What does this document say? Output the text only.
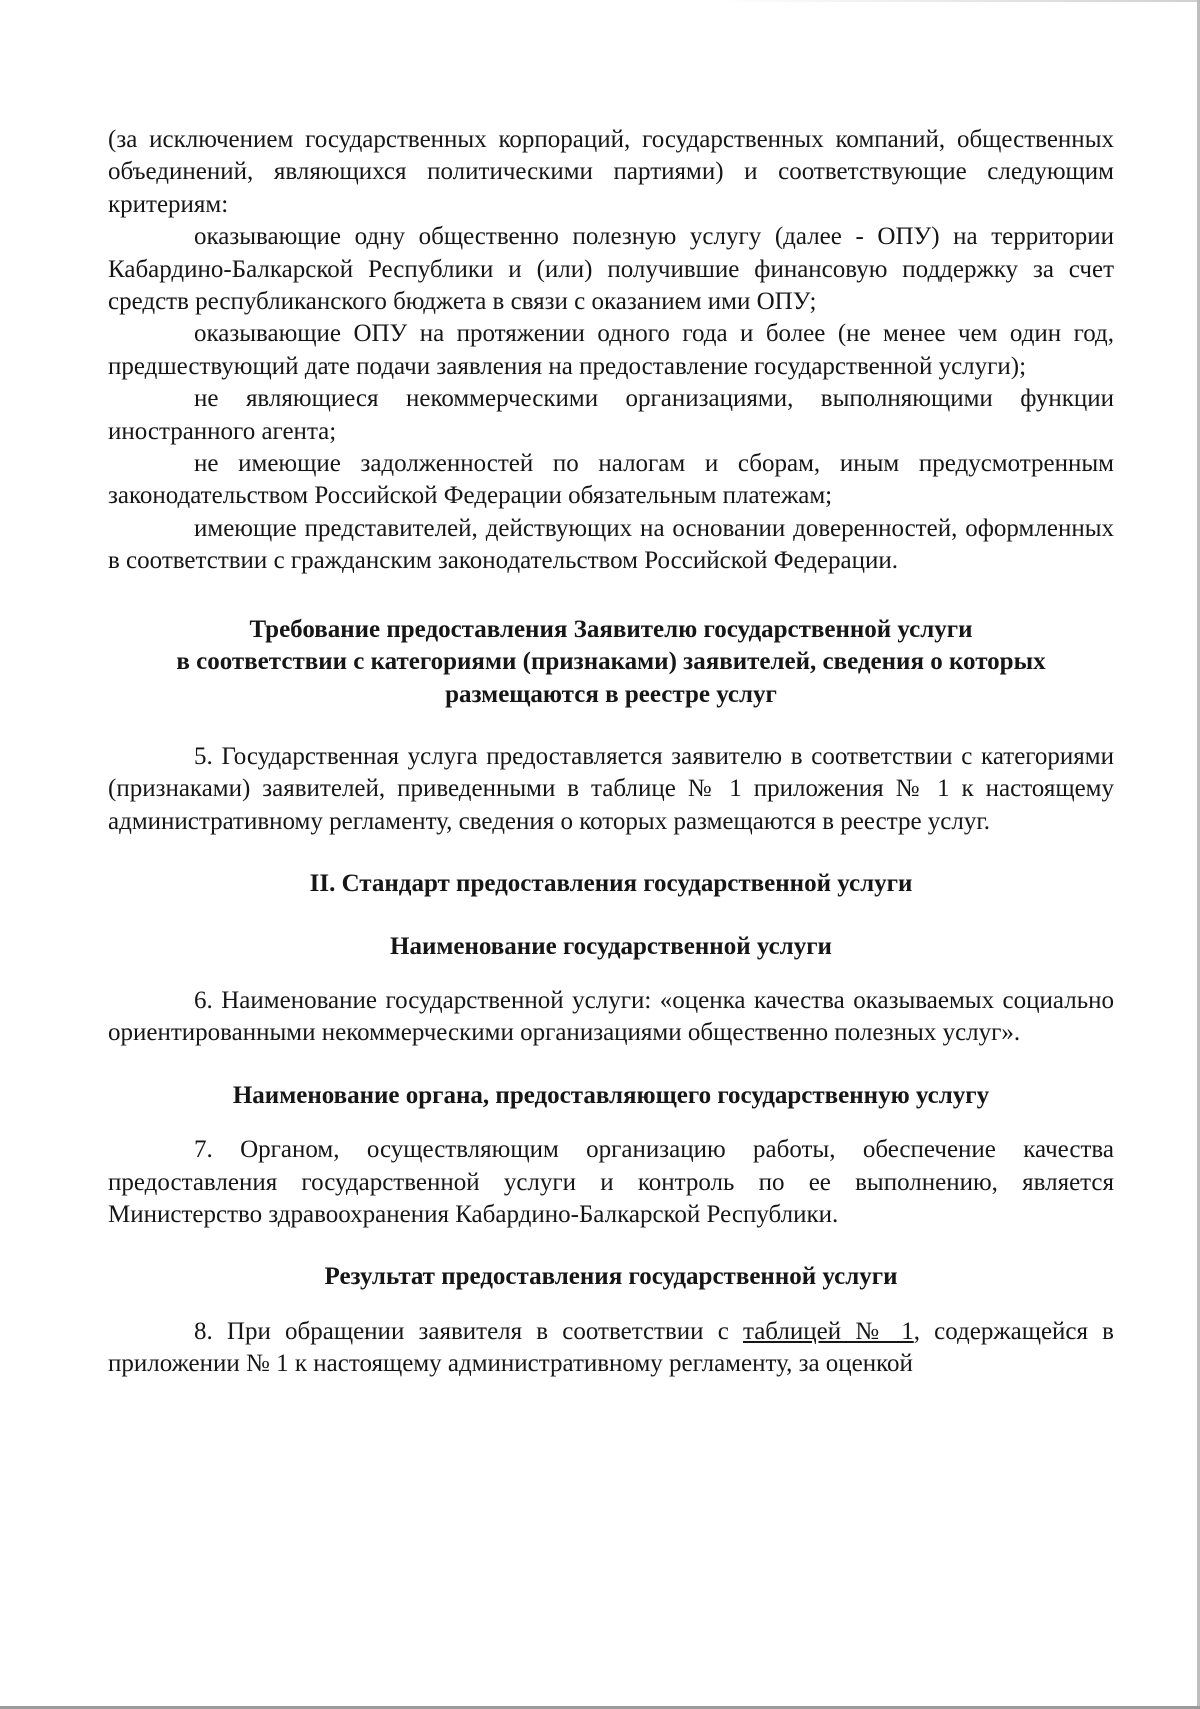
(за исключением государственных корпораций, государственных компаний, общественных объединений, являющихся политическими партиями) и соответствующие следующим критериям:

оказывающие одну общественно полезную услугу (далее - ОПУ) на территории Кабардино-Балкарской Республики и (или) получившие финансовую поддержку за счет средств республиканского бюджета в связи с оказанием ими ОПУ;

оказывающие ОПУ на протяжении одного года и более (не менее чем один год, предшествующий дате подачи заявления на предоставление государственной услуги);

не являющиеся некоммерческими организациями, выполняющими функции иностранного агента;

не имеющие задолженностей по налогам и сборам, иным предусмотренным законодательством Российской Федерации обязательным платежам;

имеющие представителей, действующих на основании доверенностей, оформленных в соответствии с гражданским законодательством Российской Федерации.

Требование предоставления Заявителю государственной услуги

в соответствии с категориями (признаками) заявителей, сведения о которых

размещаются в реестре услуг

5. Государственная услуга предоставляется заявителю в соответствии с категориями (признаками) заявителей, приведенными в таблице № 1 приложения № 1 к настоящему административному регламенту, сведения о которых размещаются в реестре услуг.

II. Стандарт предоставления государственной услуги

Наименование государственной услуги

6. Наименование государственной услуги: «оценка качества оказываемых социально ориентированными некоммерческими организациями общественно полезных услуг».

Наименование органа, предоставляющего государственную услугу

7. Органом, осуществляющим организацию работы, обеспечение качества предоставления государственной услуги и контроль по ее выполнению, является Министерство здравоохранения Кабардино-Балкарской Республики.

Результат предоставления государственной услуги

8. При обращении заявителя в соответствии с таблицей № 1, содержащейся в приложении № 1 к настоящему административному регламенту, за оценкой
